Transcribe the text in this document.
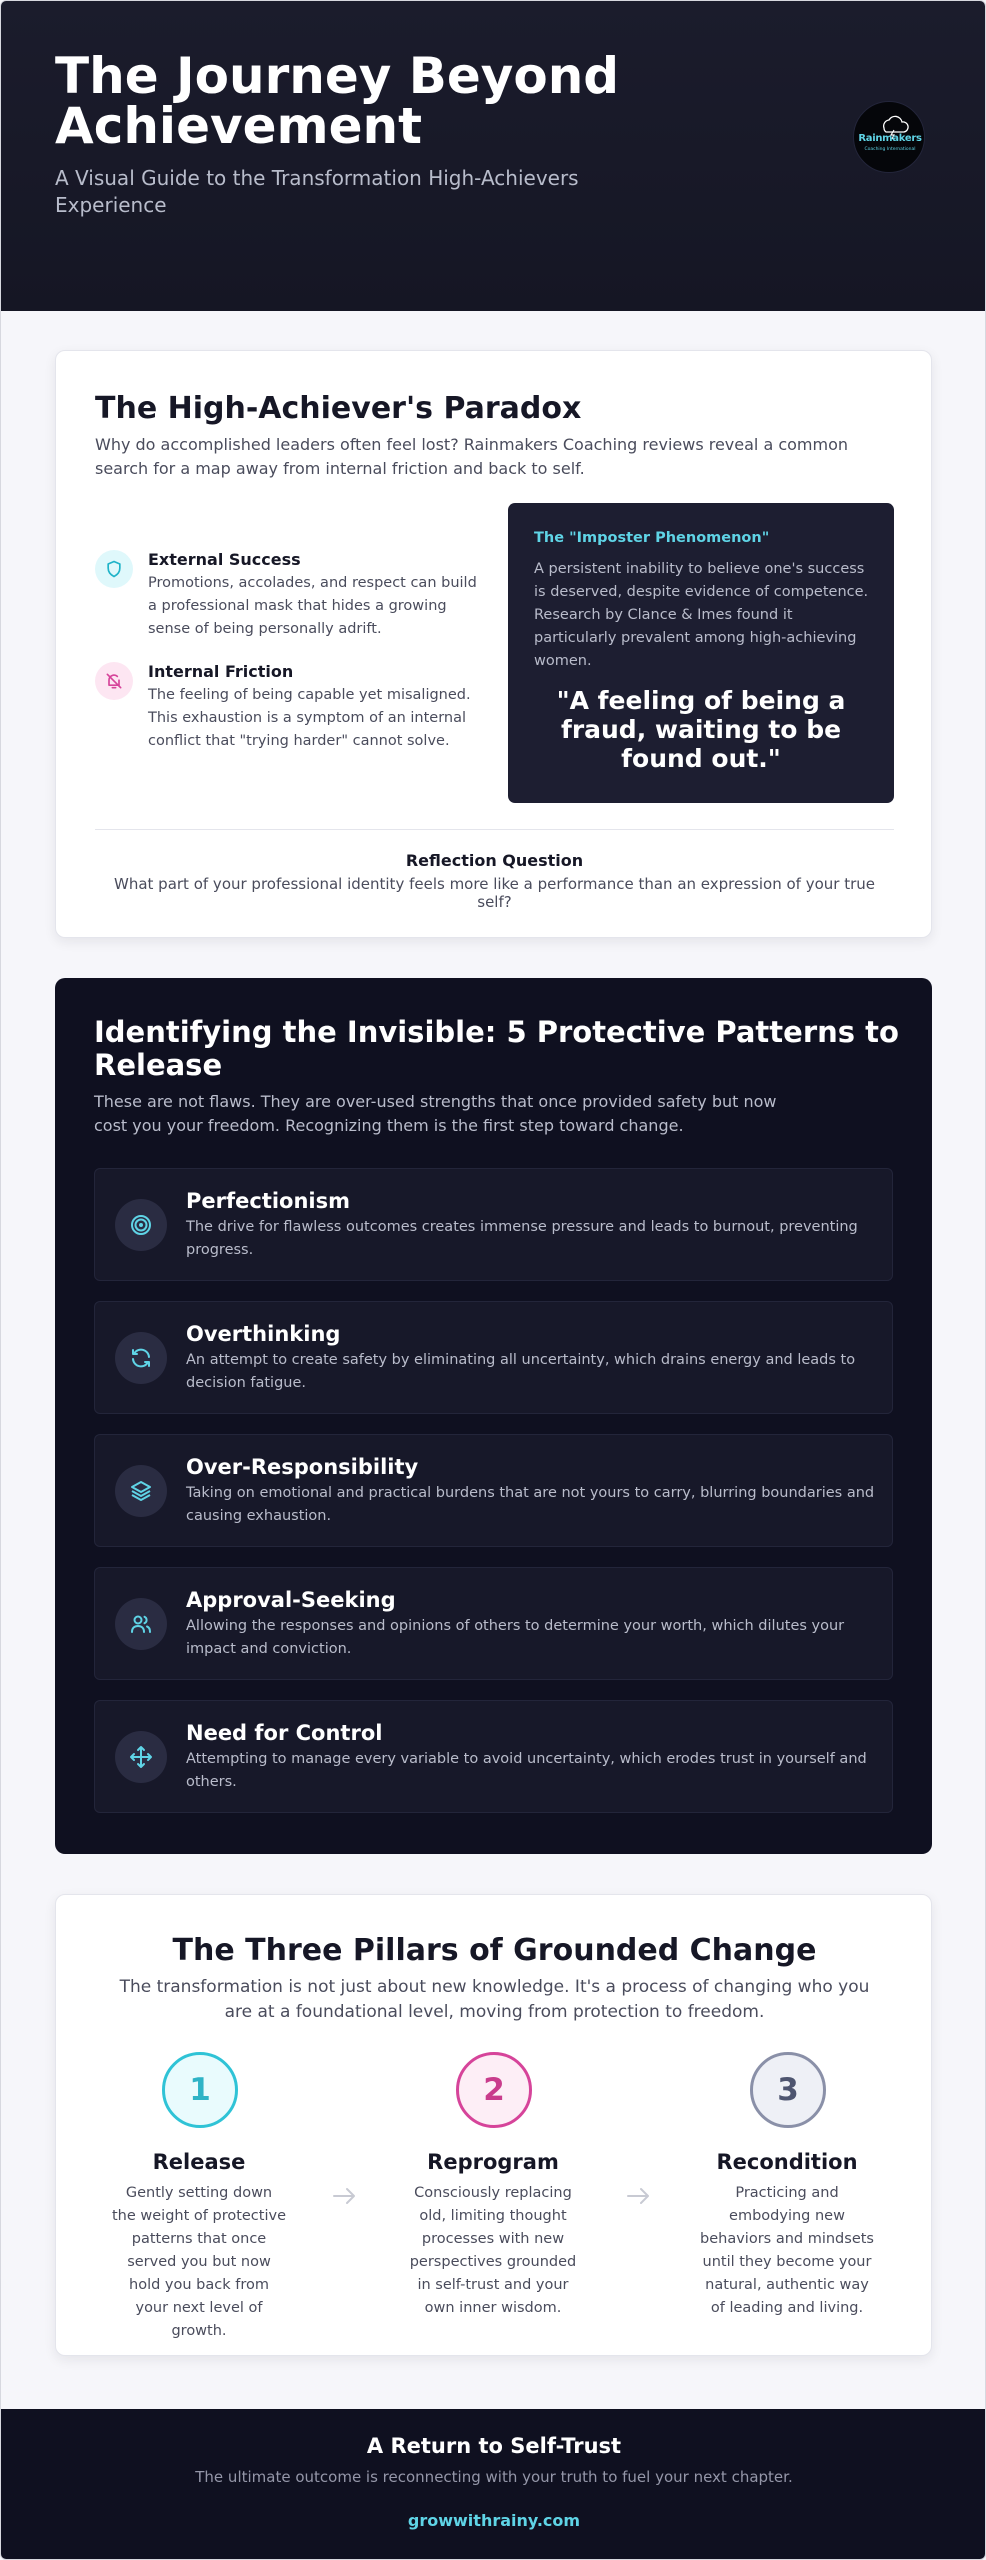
The Journey Beyond Achievement
A Visual Guide to the Transformation High-Achievers Experience
Rainmakers
Coaching International
The High-Achiever's Paradox
Why do accomplished leaders often feel lost? Rainmakers Coaching reviews reveal a common search for a map away from internal friction and back to self.
External Success
Promotions, accolades, and respect can build a professional mask that hides a growing sense of being personally adrift.
Internal Friction
The feeling of being capable yet misaligned. This exhaustion is a symptom of an internal conflict that "trying harder" cannot solve.
The "Imposter Phenomenon"
A persistent inability to believe one's success is deserved, despite evidence of competence. Research by Clance & Imes found it particularly prevalent among high-achieving women.
"A feeling of being a fraud, waiting to be found out."
Reflection Question
What part of your professional identity feels more like a performance than an expression of your true self?
Identifying the Invisible: 5 Protective Patterns to Release
These are not flaws. They are over-used strengths that once provided safety but now cost you your freedom. Recognizing them is the first step toward change.
Perfectionism
The drive for flawless outcomes creates immense pressure and leads to burnout, preventing progress.
Overthinking
An attempt to create safety by eliminating all uncertainty, which drains energy and leads to decision fatigue.
Over-Responsibility
Taking on emotional and practical burdens that are not yours to carry, blurring boundaries and causing exhaustion.
Approval-Seeking
Allowing the responses and opinions of others to determine your worth, which dilutes your impact and conviction.
Need for Control
Attempting to manage every variable to avoid uncertainty, which erodes trust in yourself and others.
The Three Pillars of Grounded Change
The transformation is not just about new knowledge. It's a process of changing who you are at a foundational level, moving from protection to freedom.
1
Release
Gently setting down the weight of protective patterns that once served you but now hold you back from your next level of growth.
2
Reprogram
Consciously replacing old, limiting thought processes with new perspectives grounded in self-trust and your own inner wisdom.
3
Recondition
Practicing and embodying new behaviors and mindsets until they become your natural, authentic way of leading and living.
A Return to Self-Trust
The ultimate outcome is reconnecting with your truth to fuel your next chapter.
growwithrainy.com
